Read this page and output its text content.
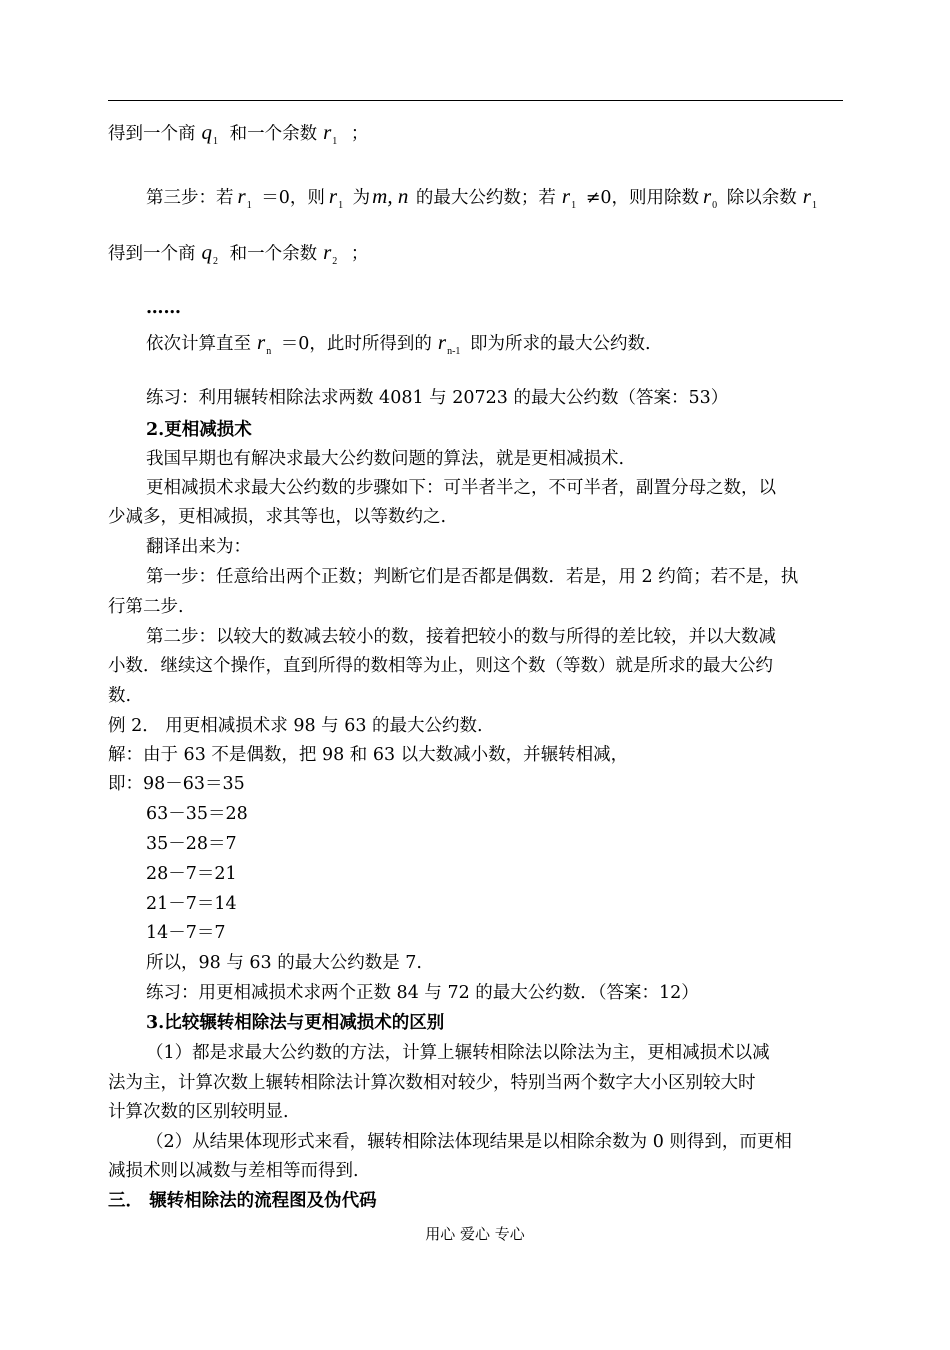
得到一个商 $q_1$ 和一个余数 $r_1$ ；
第三步：若 $r_1 =0$，则 $r_1$ 为m, n 的最大公约数；若 $r_1 \ne 0$，则用除数 $r_0$ 除以余数 $r_1$
得到一个商 $q_2$ 和一个余数 $r_2$ ；
……
依次计算直至 $r_n =0$，此时所得到的 $r_{n-1}$ 即为所求的最大公约数.
练习：利用辗转相除法求两数 4081 与 20723 的最大公约数（答案：53）
2.更相减损术
我国早期也有解决求最大公约数问题的算法，就是更相减损术.
更相减损术求最大公约数的步骤如下：可半者半之，不可半者，副置分母之数，以
少减多，更相减损，求其等也，以等数约之.
翻译出来为：
第一步：任意给出两个正数；判断它们是否都是偶数．若是，用 2 约简；若不是，执
行第二步.
第二步：以较大的数减去较小的数，接着把较小的数与所得的差比较，并以大数减
小数．继续这个操作，直到所得的数相等为止，则这个数（等数）就是所求的最大公约
数.
例 2． 用更相减损术求 98 与 63 的最大公约数.
解：由于 63 不是偶数，把 98 和 63 以大数减小数，并辗转相减，
即：98－63＝35
63－35＝28
35－28＝7
28－7＝21
21－7＝14
14－7＝7
所以，98 与 63 的最大公约数是 7.
练习：用更相减损术求两个正数 84 与 72 的最大公约数．（答案：12）
3.比较辗转相除法与更相减损术的区别
（1）都是求最大公约数的方法，计算上辗转相除法以除法为主，更相减损术以减
法为主，计算次数上辗转相除法计算次数相对较少，特别当两个数字大小区别较大时
计算次数的区别较明显.
（2）从结果体现形式来看，辗转相除法体现结果是以相除余数为 0 则得到，而更相
减损术则以减数与差相等而得到.
三． 辗转相除法的流程图及伪代码
用心 爱心 专心
